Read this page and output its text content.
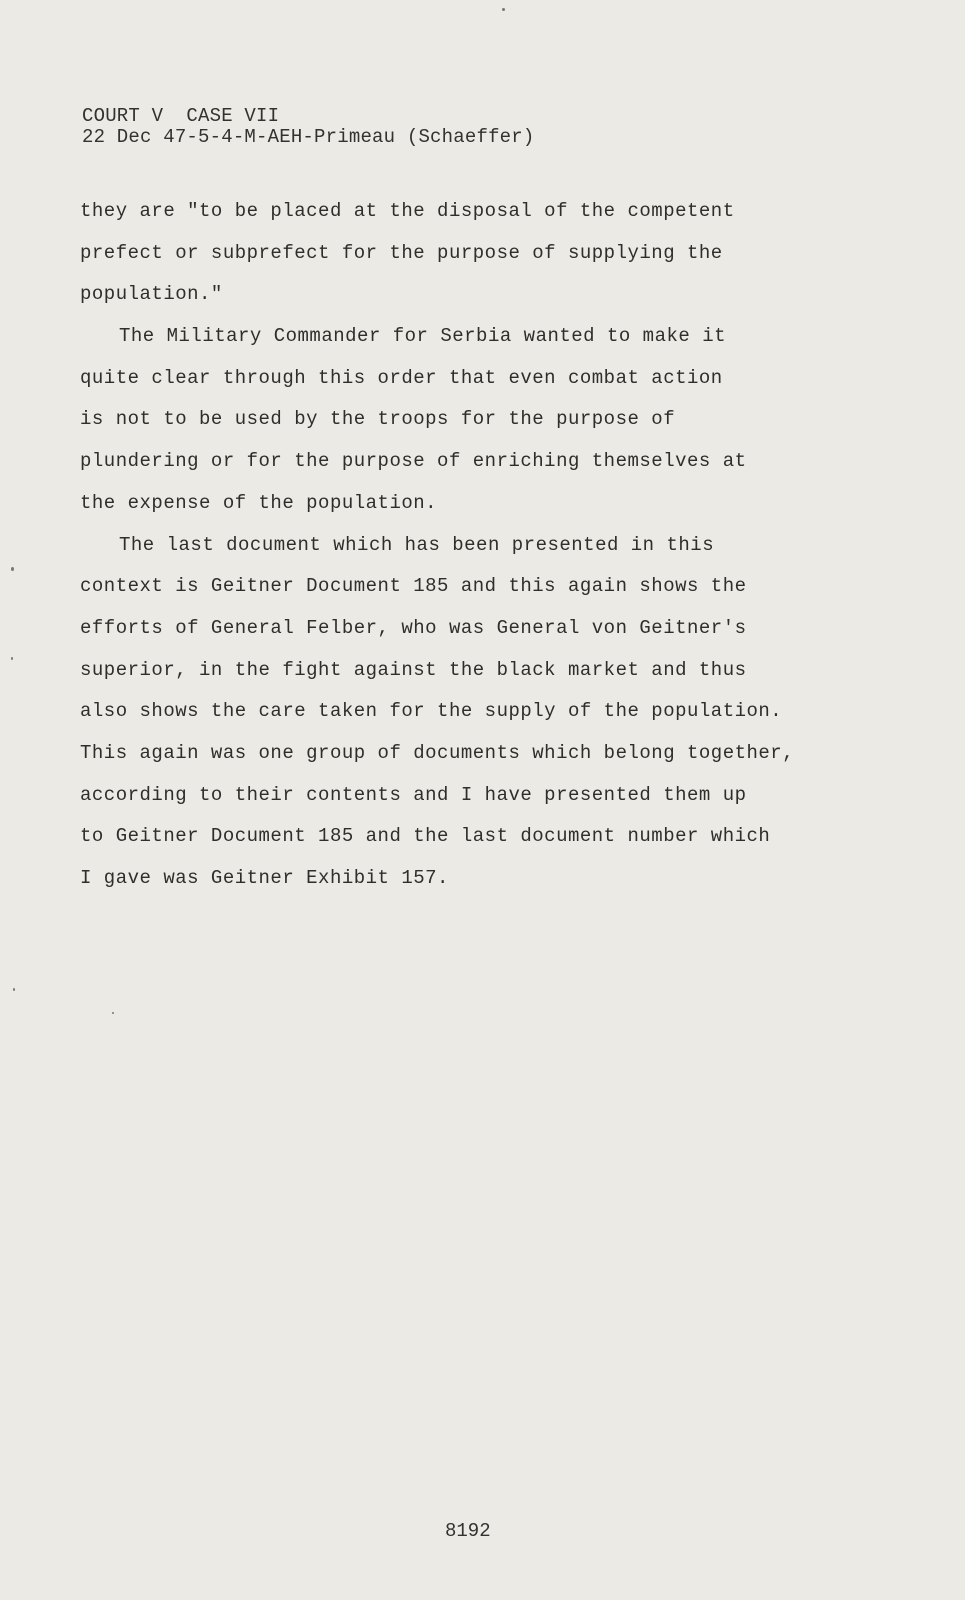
COURT V  CASE VII
22 Dec 47-5-4-M-AEH-Primeau (Schaeffer)
they are "to be placed at the disposal of the competent
prefect or subprefect for the purpose of supplying the
population."
The Military Commander for Serbia wanted to make it
quite clear through this order that even combat action
is not to be used by the troops for the purpose of
plundering or for the purpose of enriching themselves at
the expense of the population.
The last document which has been presented in this
context is Geitner Document 185 and this again shows the
efforts of General Felber, who was General von Geitner's
superior, in the fight against the black market and thus
also shows the care taken for the supply of the population.
This again was one group of documents which belong together,
according to their contents and I have presented them up
to Geitner Document 185 and the last document number which
I gave was Geitner Exhibit 157.
8192
